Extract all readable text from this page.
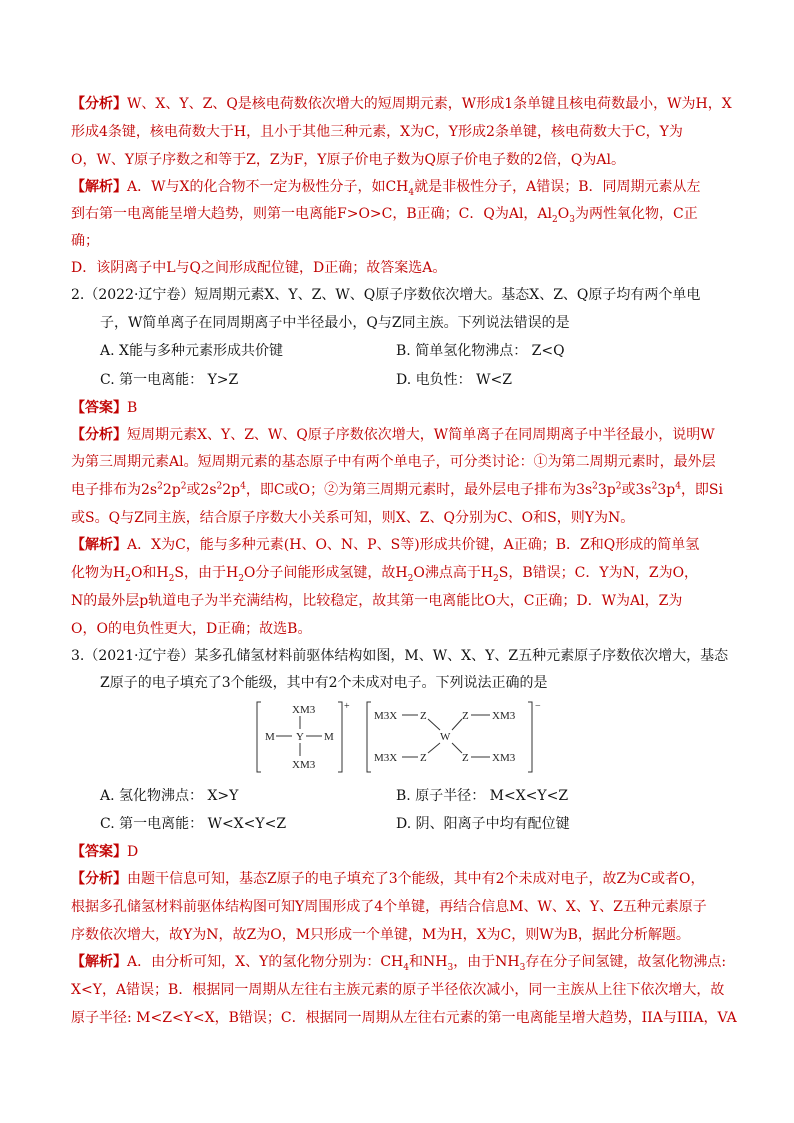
【分析】W、X、Y、Z、Q是核电荷数依次增大的短周期元素，W形成1条单键且核电荷数最小，W为H，X
形成4条键，核电荷数大于H，且小于其他三种元素，X为C，Y形成2条单键，核电荷数大于C，Y为
O，W、Y原子序数之和等于Z，Z为F，Y原子价电子数为Q原子价电子数的2倍，Q为Al。
【解析】A．W与X的化合物不一定为极性分子，如$CH_4$就是非极性分子，A错误；B．同周期元素从左
到右第一电离能呈增大趋势，则第一电离能F>O>C，B正确；C．Q为Al，$Al_2O_3$为两性氧化物，C正
确；
D．该阴离子中L与Q之间形成配位键，D正确；故答案选A。
2.（2022·辽宁卷）短周期元素X、Y、Z、W、Q原子序数依次增大。基态X、Z、Q原子均有两个单电
子，W简单离子在同周期离子中半径最小，Q与Z同主族。下列说法错误的是
A. X能与多种元素形成共价键	B. 简单氢化物沸点： Z<Q
C. 第一电离能： Y>Z	D. 电负性： W<Z
【答案】B
【分析】短周期元素X、Y、Z、W、Q原子序数依次增大，W简单离子在同周期离子中半径最小，说明W
为第三周期元素Al。短周期元素的基态原子中有两个单电子，可分类讨论：①为第二周期元素时，最外层
电子排布为$2s^22p^2$或$2s^22p^4$，即C或O；②为第三周期元素时，最外层电子排布为$3s^23p^2$或$3s^23p^4$，即Si
或S。Q与Z同主族，结合原子序数大小关系可知，则X、Z、Q分别为C、O和S，则Y为N。
【解析】A．X为C，能与多种元素(H、O、N、P、S等)形成共价键，A正确；B．Z和Q形成的简单氢
化物为$H_2O$和$H_2S$，由于$H_2O$分子间能形成氢键，故$H_2O$沸点高于$H_2S$，B错误；C．Y为N，Z为O，
N的最外层p轨道电子为半充满结构，比较稳定，故其第一电离能比O大，C正确；D．W为Al，Z为
O，O的电负性更大，D正确；故选B。
3.（2021·辽宁卷）某多孔储氢材料前驱体结构如图，M、W、X、Y、Z五种元素原子序数依次增大，基态
Z原子的电子填充了3个能级，其中有2个未成对电子。下列说法正确的是
+
XM3
M Y M
XM3
−
M3X Z
W
Z XM3
M3X Z	Z XM3
A. 氢化物沸点： X>Y	B. 原子半径： M<X<Y<Z
C. 第一电离能： W<X<Y<Z	D. 阴、阳离子中均有配位键
【答案】D
【分析】由题干信息可知，基态Z原子的电子填充了3个能级，其中有2个未成对电子，故Z为C或者O，
根据多孔储氢材料前驱体结构图可知Y周围形成了4个单键，再结合信息M、W、X、Y、Z五种元素原子
序数依次增大，故Y为N，故Z为O，M只形成一个单键，M为H，X为C，则W为B，据此分析解题。
【解析】A．由分析可知，X、Y的氢化物分别为：$CH_4$和$NH_3$，由于$NH_3$存在分子间氢键，故氢化物沸点:
X<Y，A错误；B．根据同一周期从左往右主族元素的原子半径依次减小，同一主族从上往下依次增大，故
原子半径: M<Z<Y<X，B错误；C．根据同一周期从左往右元素的第一电离能呈增大趋势，IIA与IIIA，VA
